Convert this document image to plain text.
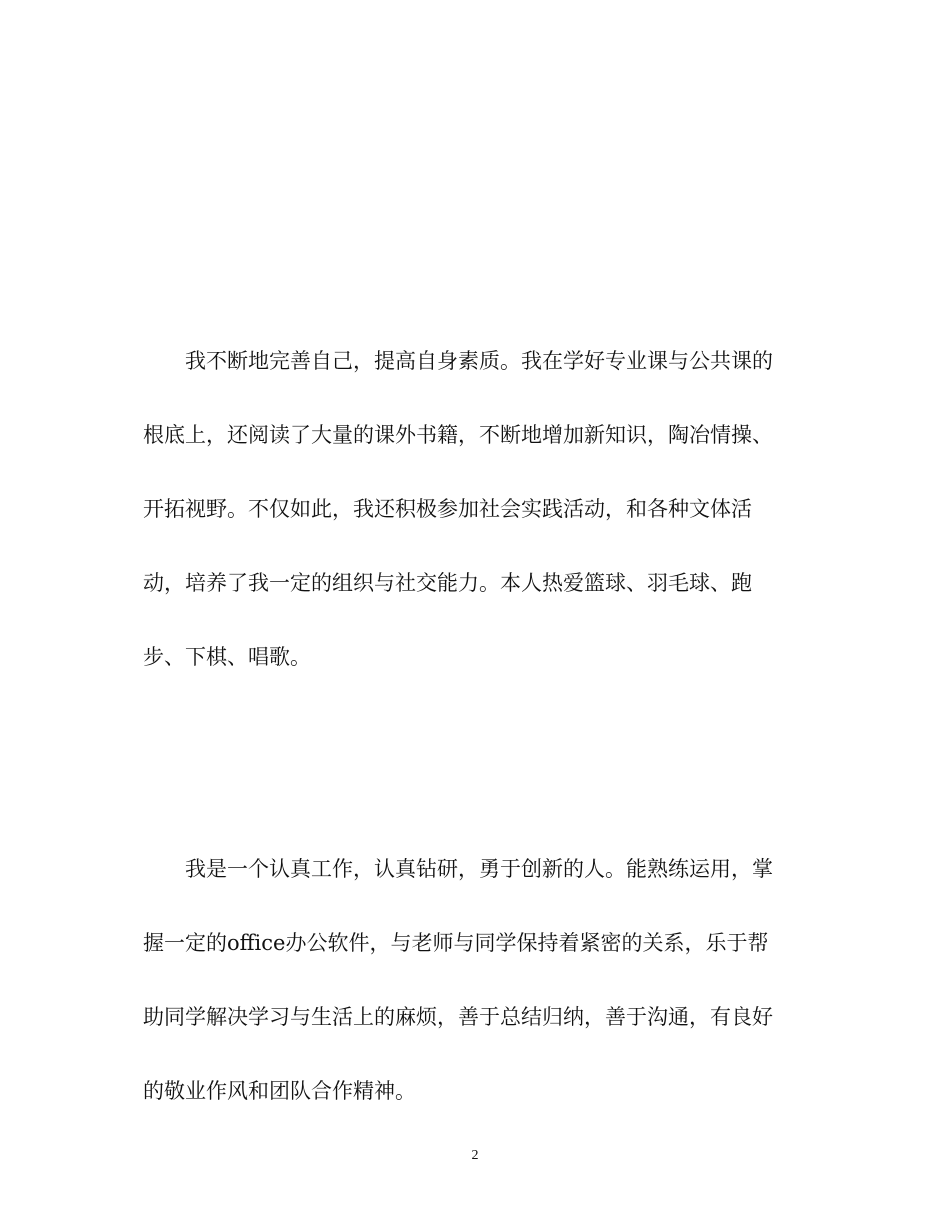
我不断地完善自己，提高自身素质。我在学好专业课与公共课的
根底上，还阅读了大量的课外书籍，不断地增加新知识，陶冶情操、
开拓视野。不仅如此，我还积极参加社会实践活动，和各种文体活
动，培养了我一定的组织与社交能力。本人热爱篮球、羽毛球、跑
步、下棋、唱歌。
我是一个认真工作，认真钻研，勇于创新的人。能熟练运用，掌
握一定的office办公软件，与老师与同学保持着紧密的关系，乐于帮
助同学解决学习与生活上的麻烦，善于总结归纳，善于沟通，有良好
的敬业作风和团队合作精神。
2
